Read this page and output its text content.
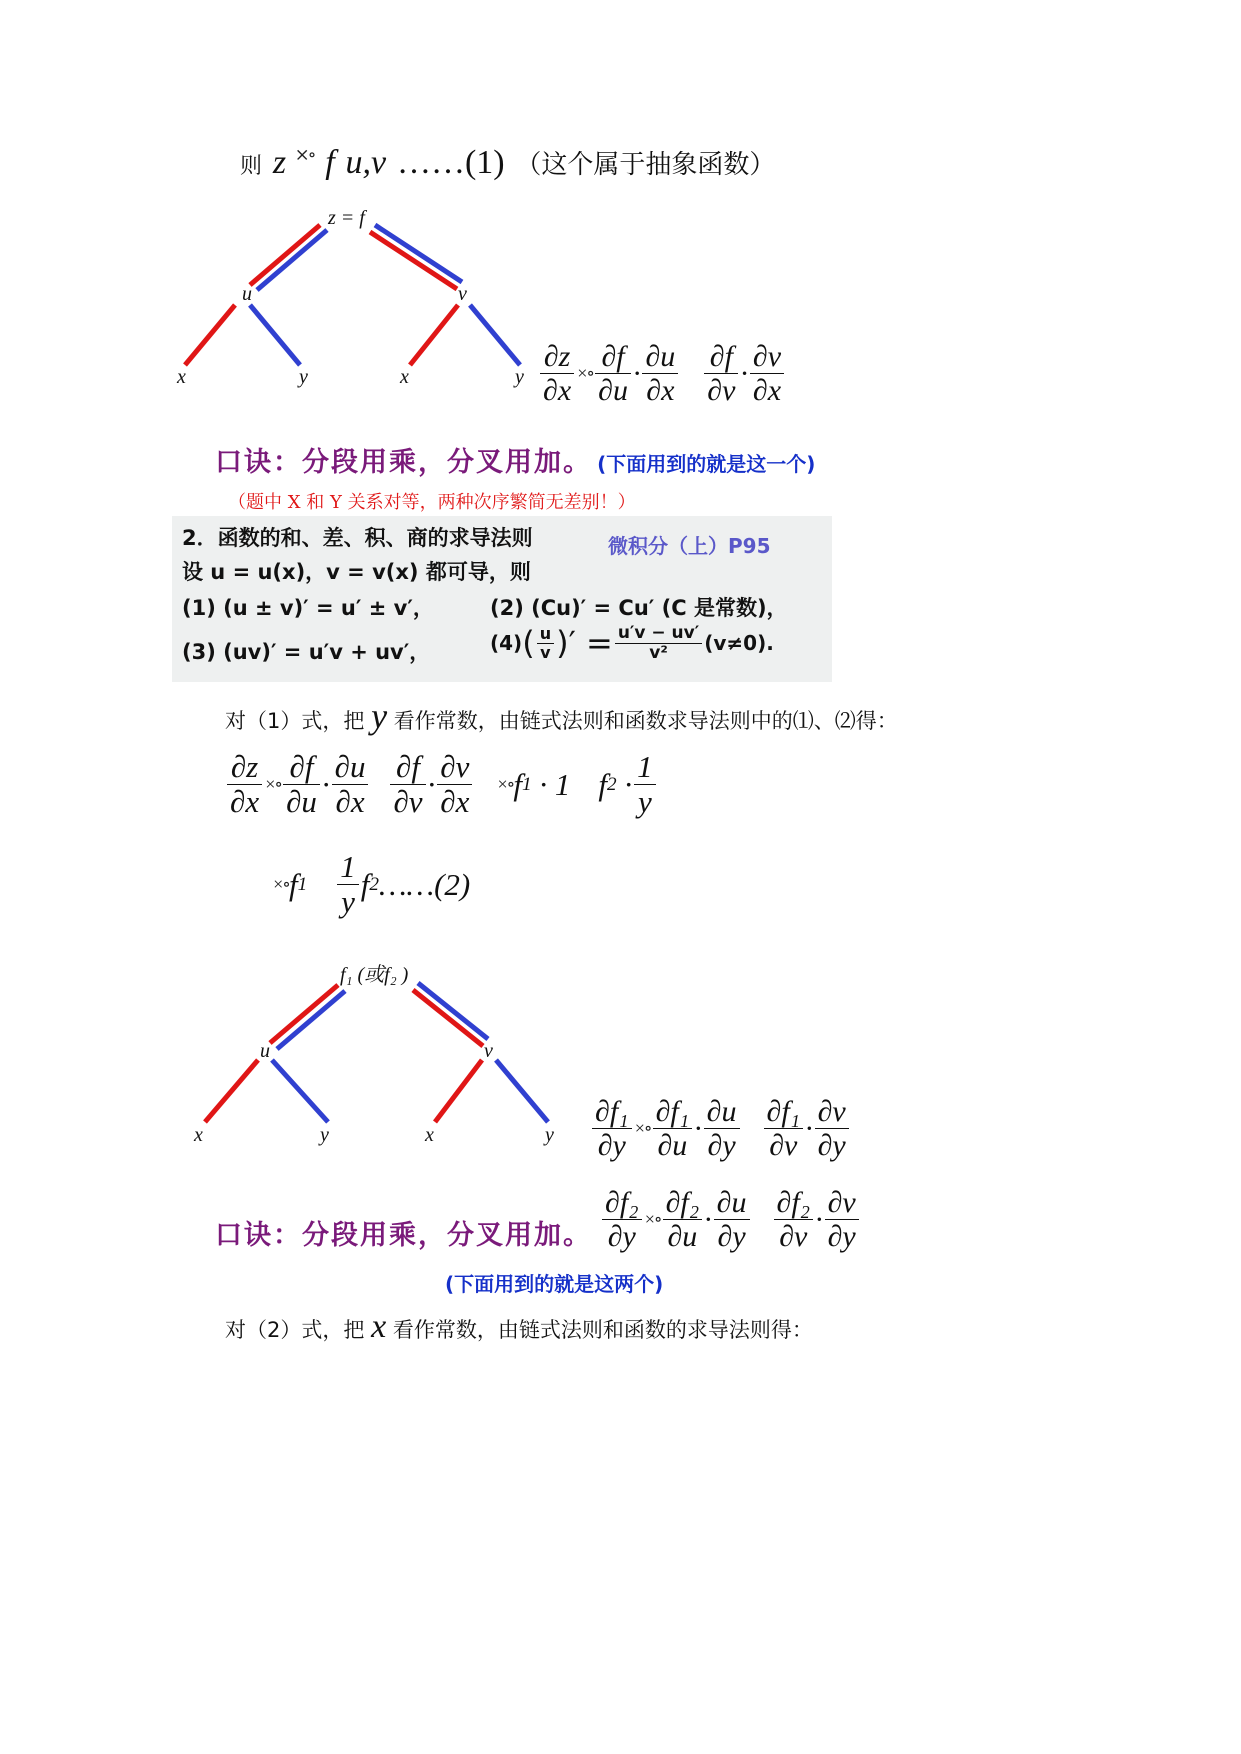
则 z ×∘ f u,v ……(1) （这个属于抽象函数）
z = f
u	v
x	y	x	y $\frac{\partial z}{\partial x}$ ×∘ $\frac{\partial f}{\partial u} \cdot \frac{\partial u}{\partial x} \frac{\partial f}{\partial v} \cdot \frac{\partial v}{\partial x}$
口诀：分段用乘，分叉用加。 (下面用到的就是这一个)
（题中 X 和 Y 关系对等，两种次序繁简无差别！）
2．函数的和、差、积、商的求导法则	微积分（上）P95
设 u = u(x)，v = v(x) 都可导，则
(1) (u ± v)′ = u′ ± v′，	(2) (Cu)′ = Cu′ (C 是常数)，
(3) (uv)′ = u′v + uv′，	(4) ( $\frac{u}{v}$ )′ = $\frac{u'v - uv'}{\text{v²}} (v\ne 0)$.
对（1）式，把 y 看作常数，由链式法则和函数求导法则中的⑴、⑵得：
$\frac{\partial z}{\partial x}$ ×∘ $\frac{\partial f}{\partial u} \cdot \frac{\partial u}{\partial x} \frac{\partial f}{\partial v} \cdot \frac{\partial v}{\partial x}$ ×∘ f 1 · 1 f $2 \cdot \frac{1}{y}$
×∘ f $1 \frac{1}{y}$ f 2 ……(2)
f₁ (或f₂ )
u	v
x	y	x	y $\frac{\text{∂f₁}}{\partial y}$ ×∘ $\frac{\text{∂f₁}}{\partial u} \cdot \frac{\partial u}{\partial y} \frac{\text{∂f₁}}{\partial v} \cdot \frac{\partial v}{\partial y}$
口诀：分段用乘，分叉用加。 $\frac{\text{∂f₂}}{\partial y}$ ×∘ $\frac{\text{∂f₂}}{\partial u} \cdot \frac{\partial u}{\partial y} \frac{\text{∂f₂}}{\partial v} \cdot \frac{\partial v}{\partial y}$
(下面用到的就是这两个)
对（2）式，把 x 看作常数，由链式法则和函数的求导法则得：
